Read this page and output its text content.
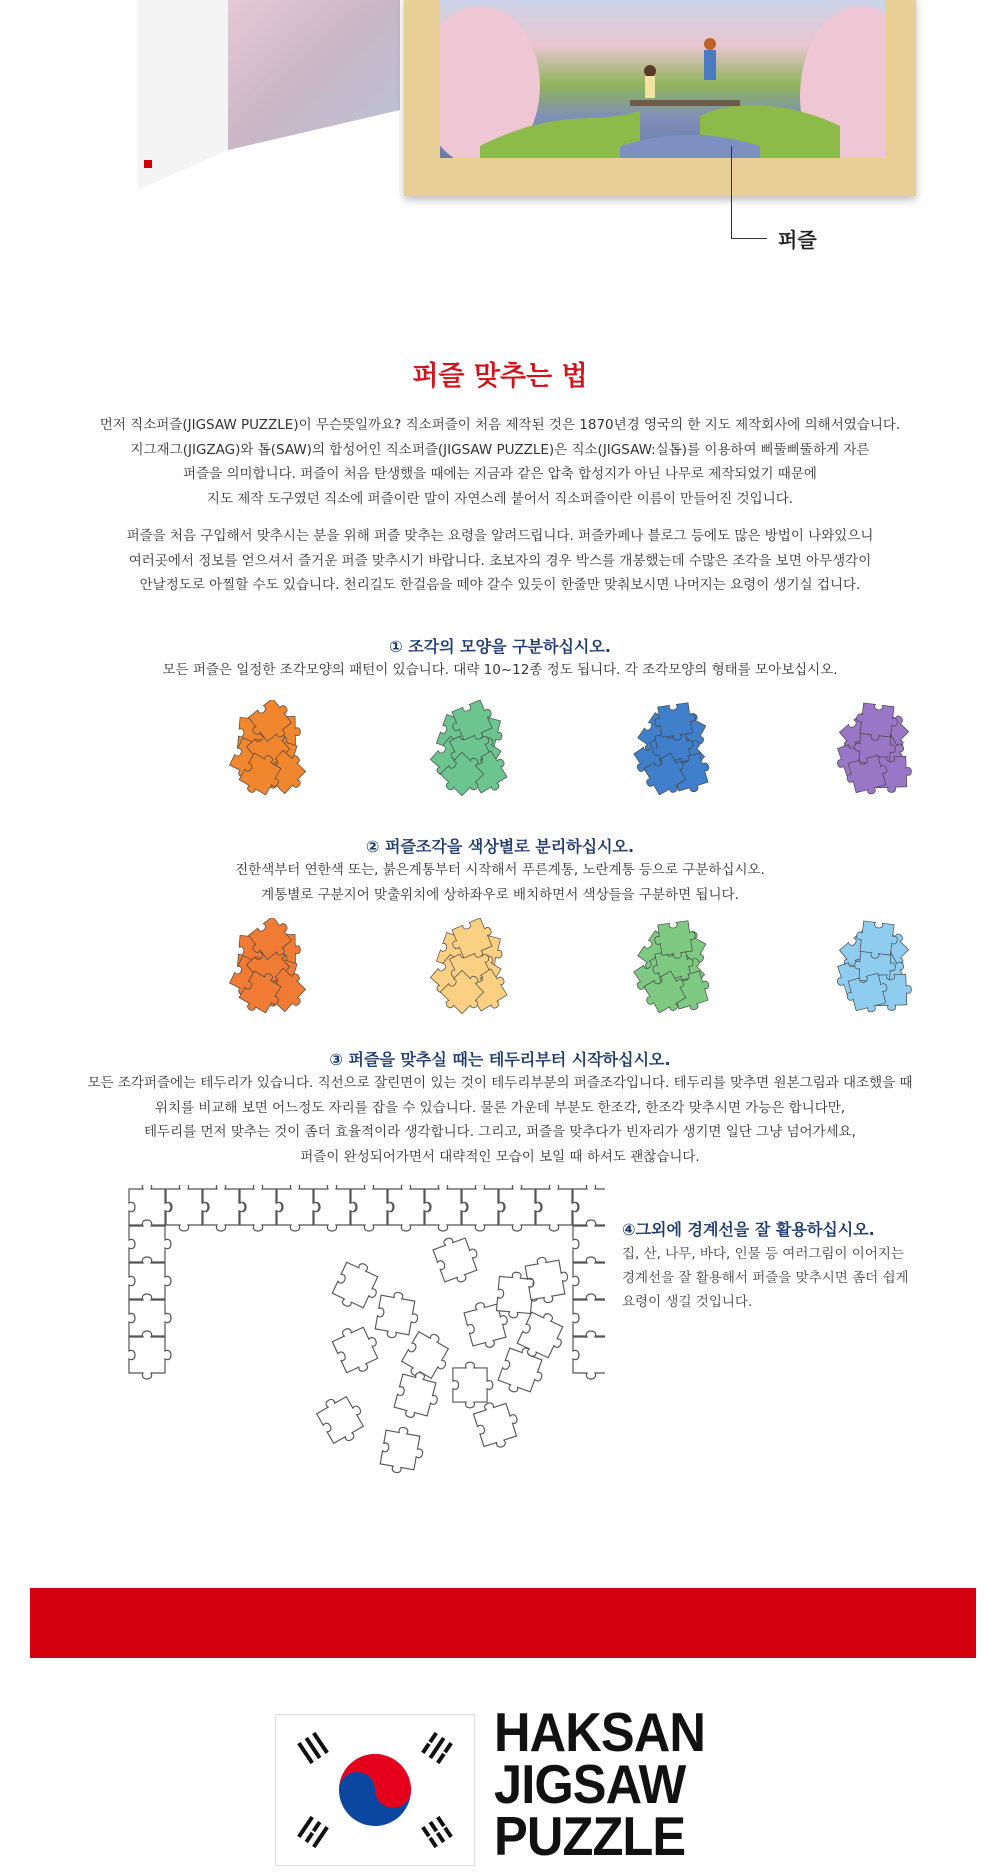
퍼즐
퍼즐 맞추는 법
먼저 직소퍼즐(JIGSAW PUZZLE)이 무슨뜻일까요? 직소퍼즐이 처음 제작된 것은 1870년경 영국의 한 지도 제작회사에 의해서였습니다.
지그재그(JIGZAG)와 톱(SAW)의 합성어인 직소퍼즐(JIGSAW PUZZLE)은 직소(JIGSAW:실톱)를 이용하여 삐뚤삐뚤하게 자른
퍼즐을 의미합니다. 퍼즐이 처음 탄생했을 때에는 지금과 같은 압축 합성지가 아닌 나무로 제작되었기 때문에
지도 제작 도구였던 직소에 퍼즐이란 말이 자연스레 붙어서 직소퍼즐이란 이름이 만들어진 것입니다.
퍼즐을 처음 구입해서 맞추시는 분을 위해 퍼즐 맞추는 요령을 알려드립니다. 퍼즐카페나 블로그 등에도 많은 방법이 나와있으니
여러곳에서 정보를 얻으셔서 즐거운 퍼즐 맞추시기 바랍니다. 초보자의 경우 박스를 개봉했는데 수많은 조각을 보면 아무생각이
안날정도로 아찔할 수도 있습니다. 천리길도 한걸음을 떼야 갈수 있듯이 한줄만 맞춰보시면 나머지는 요령이 생기실 겁니다.
① 조각의 모양을 구분하십시오.
모든 퍼즐은 일정한 조각모양의 패턴이 있습니다. 대략 10~12종 정도 됩니다. 각 조각모양의 형태를 모아보십시오.
② 퍼즐조각을 색상별로 분리하십시오.
진한색부터 연한색 또는, 붉은계통부터 시작해서 푸른계통, 노란계통 등으로 구분하십시오.
계통별로 구분지어 맞출위치에 상하좌우로 배치하면서 색상들을 구분하면 됩니다.
③ 퍼즐을 맞추실 때는 테두리부터 시작하십시오.
모든 조각퍼즐에는 테두리가 있습니다. 직선으로 잘린면이 있는 것이 테두리부분의 퍼즐조각입니다. 테두리를 맞추면 원본그림과 대조했을 때
위치를 비교해 보면 어느정도 자리를 잡을 수 있습니다. 물론 가운데 부분도 한조각, 한조각 맞추시면 가능은 합니다만,
테두리를 먼저 맞추는 것이 좀더 효율적이라 생각합니다. 그리고, 퍼즐을 맞추다가 빈자리가 생기면 일단 그냥 넘어가세요,
퍼즐이 완성되어가면서 대략적인 모습이 보일 때 하셔도 괜찮습니다.
④그외에 경계선을 잘 활용하십시오.
집, 산, 나무, 바다, 인물 등 여러그림이 이어지는
경계선을 잘 활용해서 퍼즐을 맞추시면 좀더 쉽게
요령이 생길 것입니다.
HAKSAN
JIGSAW
PUZZLE
